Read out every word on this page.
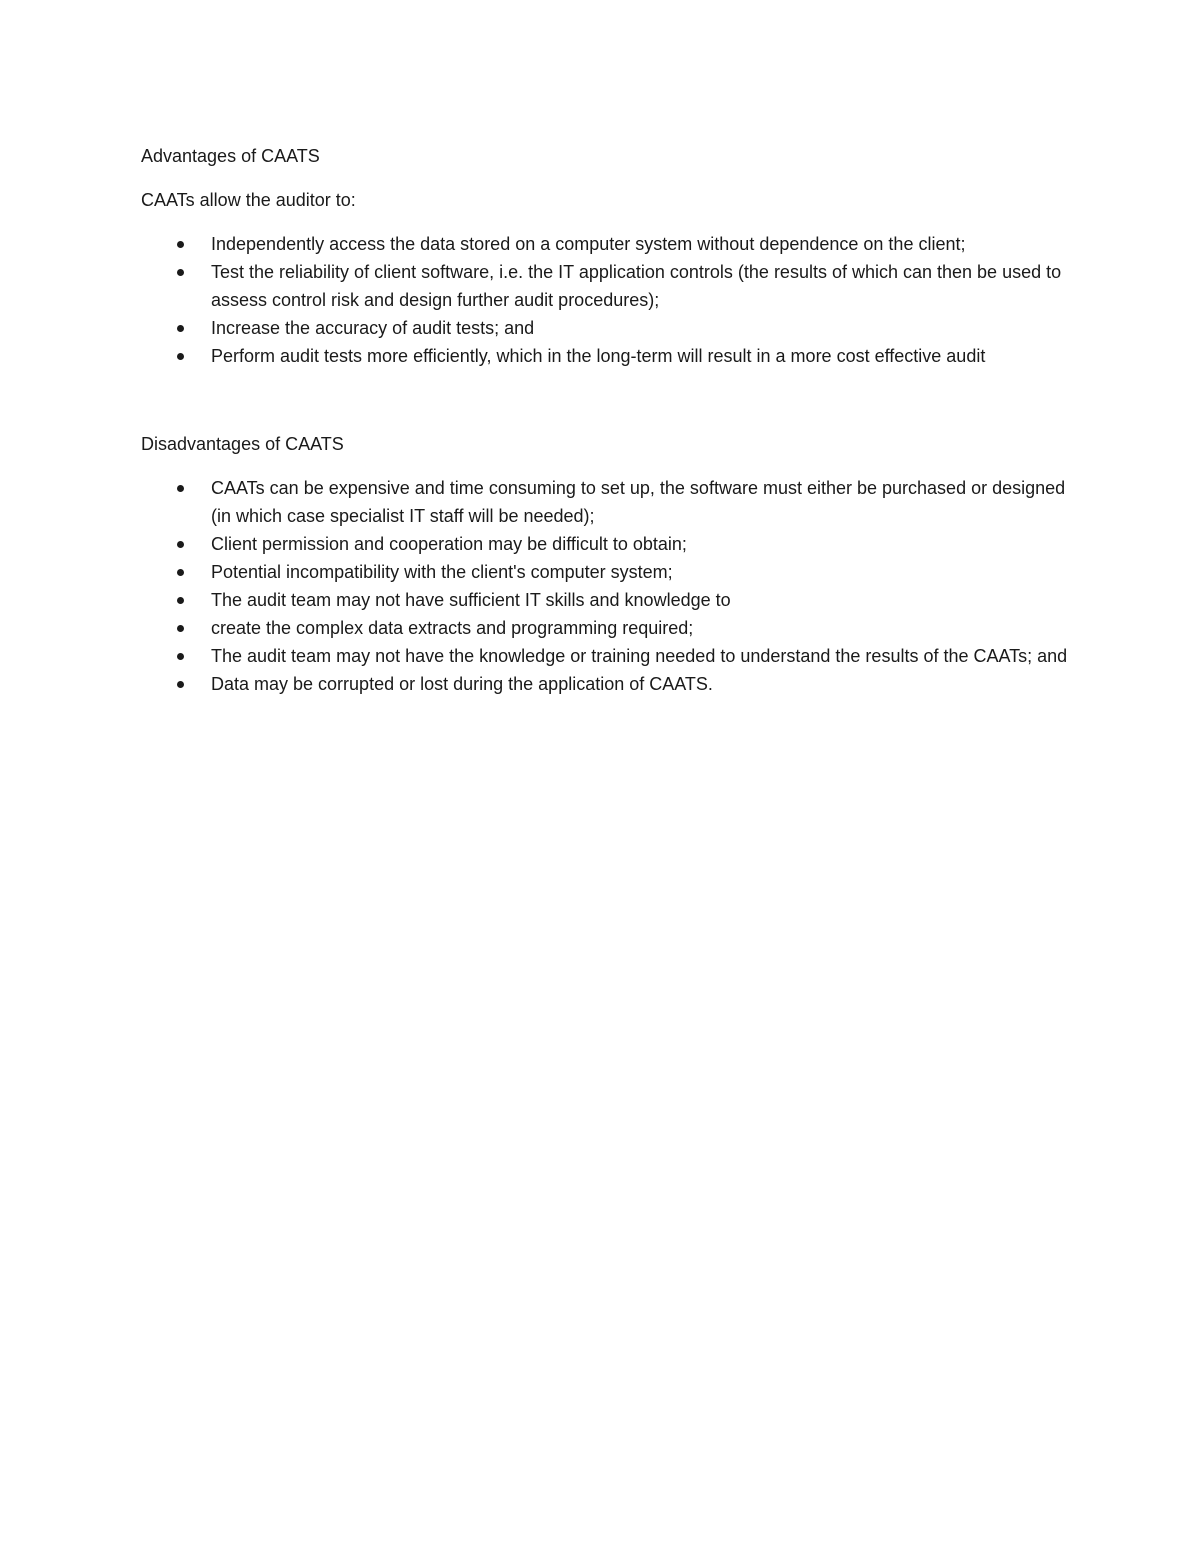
Advantages of CAATS

CAATs allow the auditor to:

Independently access the data stored on a computer system without dependence on the client;
Test the reliability of client software, i.e. the IT application controls (the results of which can then be used to assess control risk and design further audit procedures);
Increase the accuracy of audit tests; and
Perform audit tests more efficiently, which in the long-term will result in a more cost effective audit
Disadvantages of CAATS
CAATs can be expensive and time consuming to set up, the software must either be purchased or designed (in which case specialist IT staff will be needed);
Client permission and cooperation may be difficult to obtain;
Potential incompatibility with the client's computer system;
The audit team may not have sufficient IT skills and knowledge to
create the complex data extracts and programming required;
The audit team may not have the knowledge or training needed to understand the results of the CAATs; and
Data may be corrupted or lost during the application of CAATS.
